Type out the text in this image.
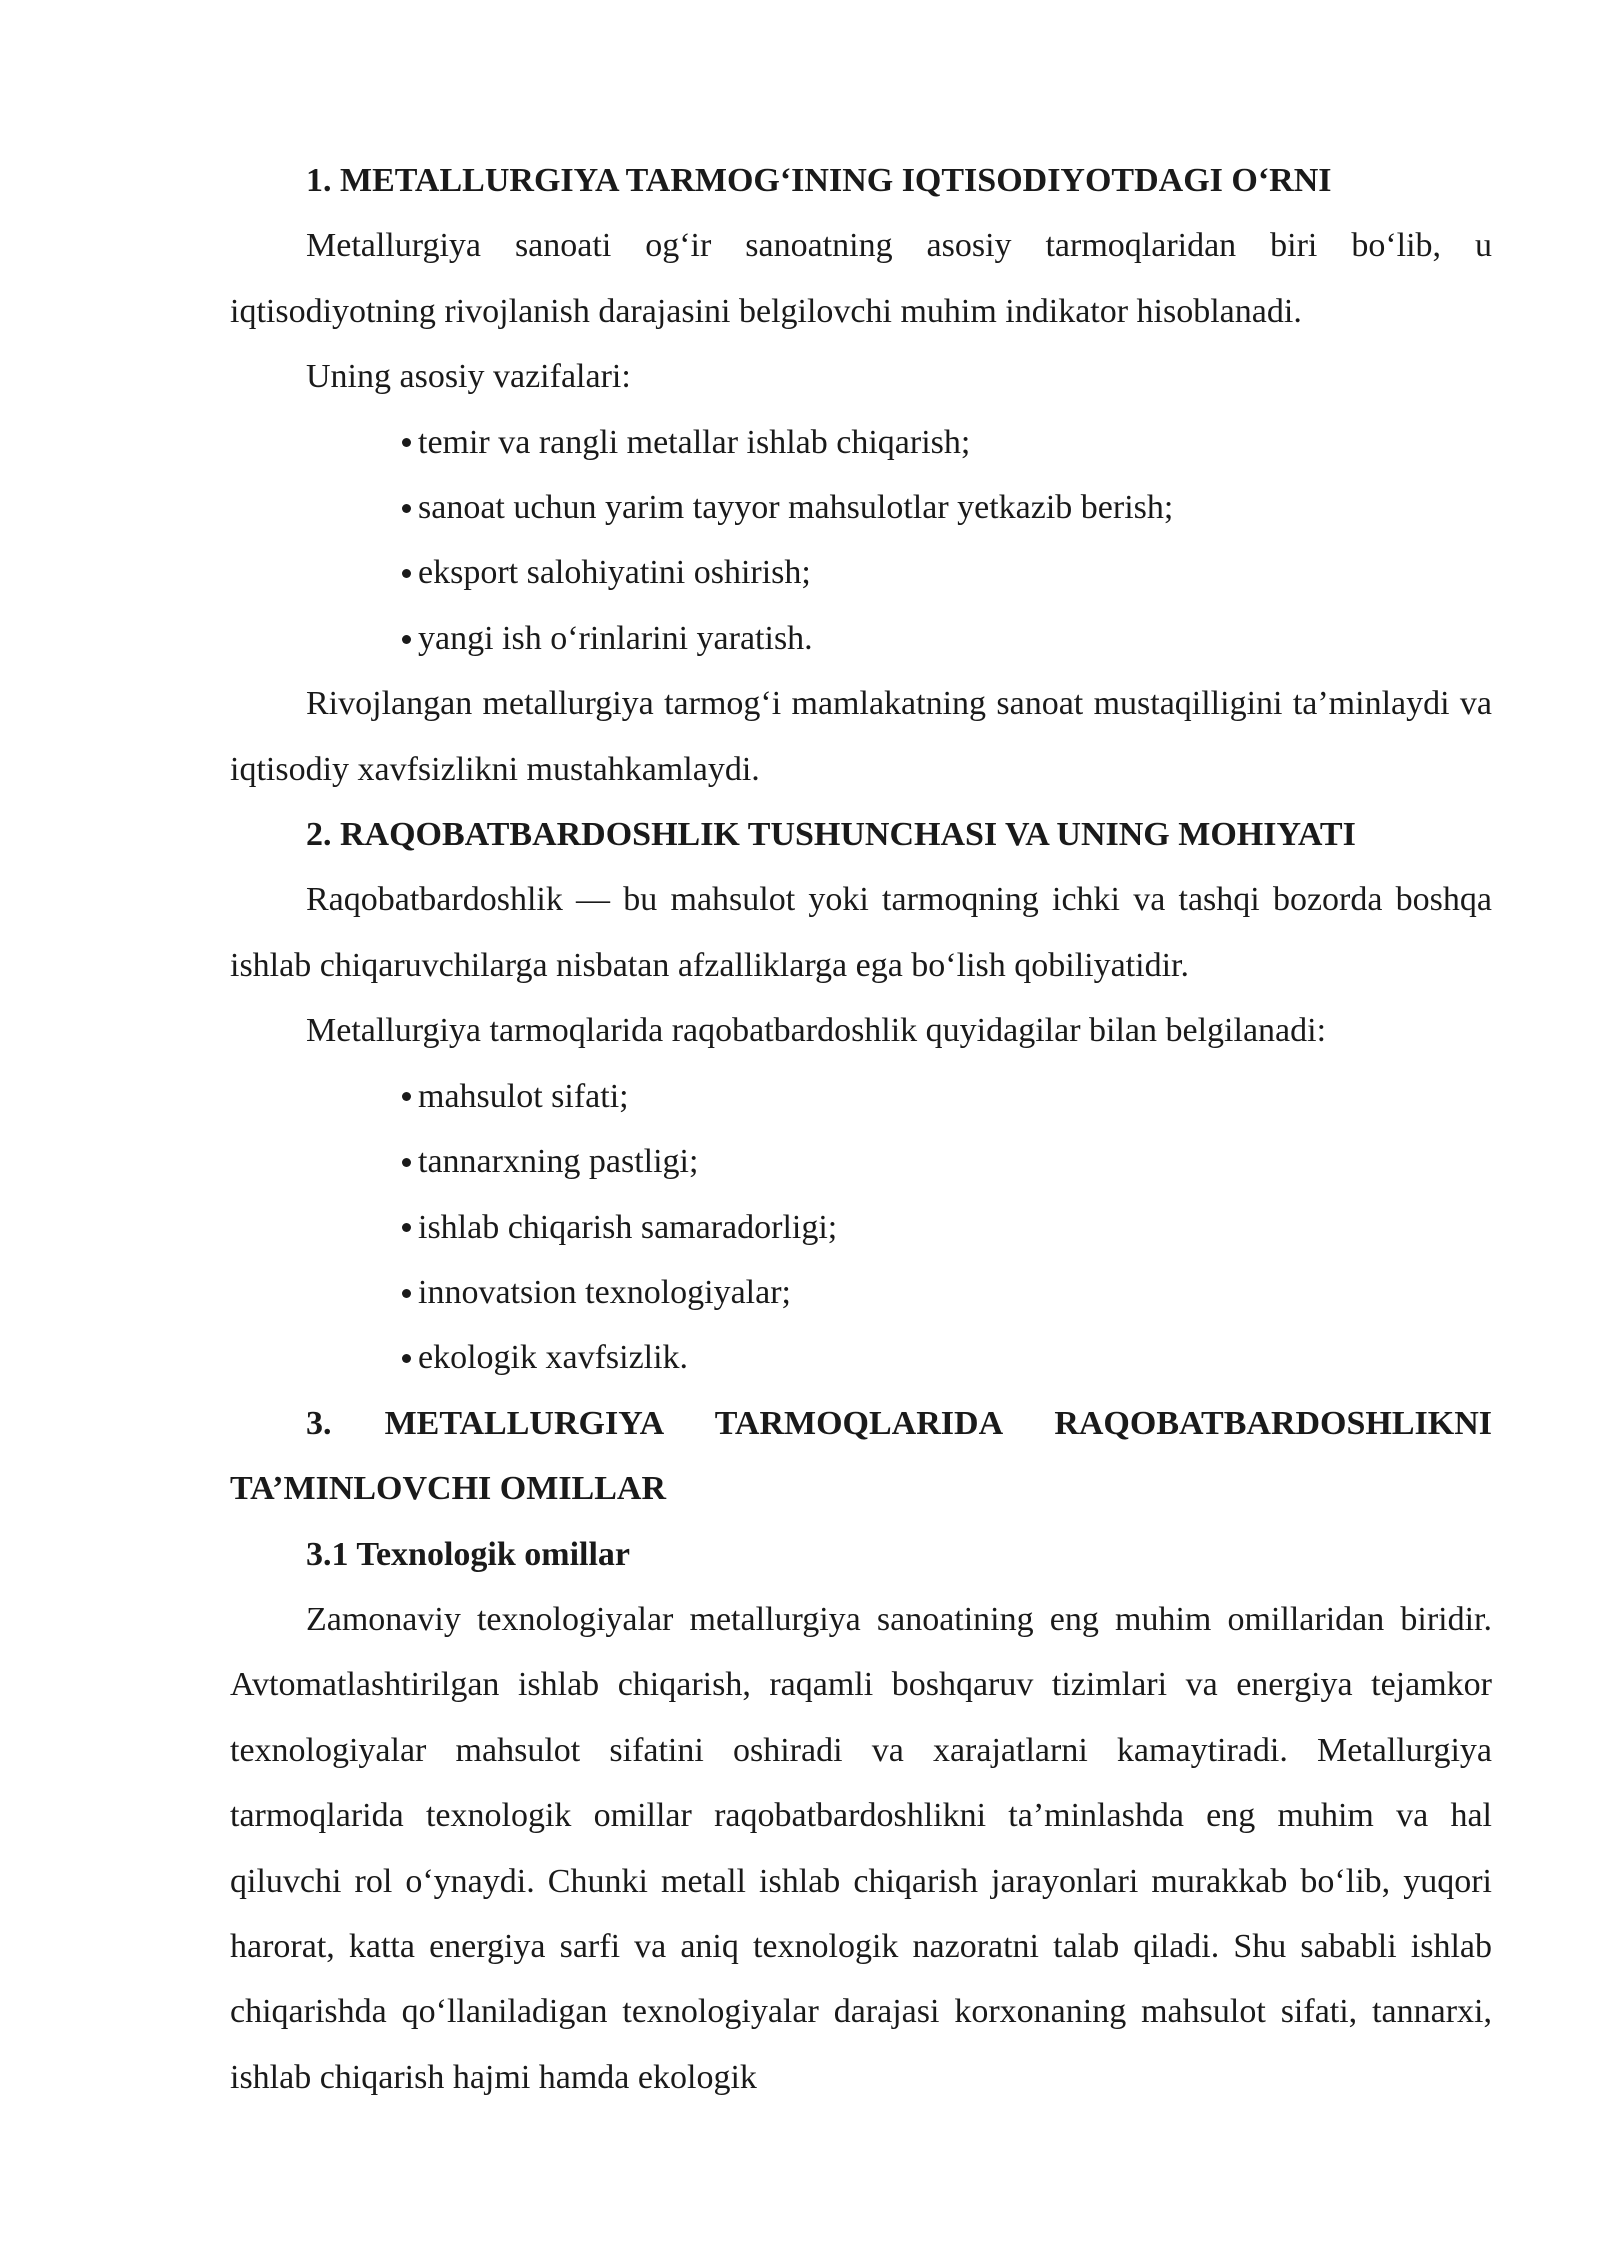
1. METALLURGIYA TARMOG‘INING IQTISODIYOTDAGI O‘RNI

Metallurgiya sanoati og‘ir sanoatning asosiy tarmoqlaridan biri bo‘lib, u iqtisodiyotning rivojlanish darajasini belgilovchi muhim indikator hisoblanadi.

Uning asosiy vazifalari:

temir va rangli metallar ishlab chiqarish;
sanoat uchun yarim tayyor mahsulotlar yetkazib berish;
eksport salohiyatini oshirish;
yangi ish o‘rinlarini yaratish.

Rivojlangan metallurgiya tarmog‘i mamlakatning sanoat mustaqilligini ta’minlaydi va iqtisodiy xavfsizlikni mustahkamlaydi.

2. RAQOBATBARDOSHLIK TUSHUNCHASI VA UNING MOHIYATI

Raqobatbardoshlik — bu mahsulot yoki tarmoqning ichki va tashqi bozorda boshqa ishlab chiqaruvchilarga nisbatan afzalliklarga ega bo‘lish qobiliyatidir.

Metallurgiya tarmoqlarida raqobatbardoshlik quyidagilar bilan belgilanadi:

mahsulot sifati;
tannarxning pastligi;
ishlab chiqarish samaradorligi;
innovatsion texnologiyalar;
ekologik xavfsizlik.

3. METALLURGIYA TARMOQLARIDA RAQOBATBARDOSHLIKNI TA’MINLOVCHI OMILLAR

3.1 Texnologik omillar

Zamonaviy texnologiyalar metallurgiya sanoatining eng muhim omillaridan biridir. Avtomatlashtirilgan ishlab chiqarish, raqamli boshqaruv tizimlari va energiya tejamkor texnologiyalar mahsulot sifatini oshiradi va xarajatlarni kamaytiradi. Metallurgiya tarmoqlarida texnologik omillar raqobatbardoshlikni ta’minlashda eng muhim va hal qiluvchi rol o‘ynaydi. Chunki metall ishlab chiqarish jarayonlari murakkab bo‘lib, yuqori harorat, katta energiya sarfi va aniq texnologik nazoratni talab qiladi. Shu sababli ishlab chiqarishda qo‘llaniladigan texnologiyalar darajasi korxonaning mahsulot sifati, tannarxi, ishlab chiqarish hajmi hamda ekologik
